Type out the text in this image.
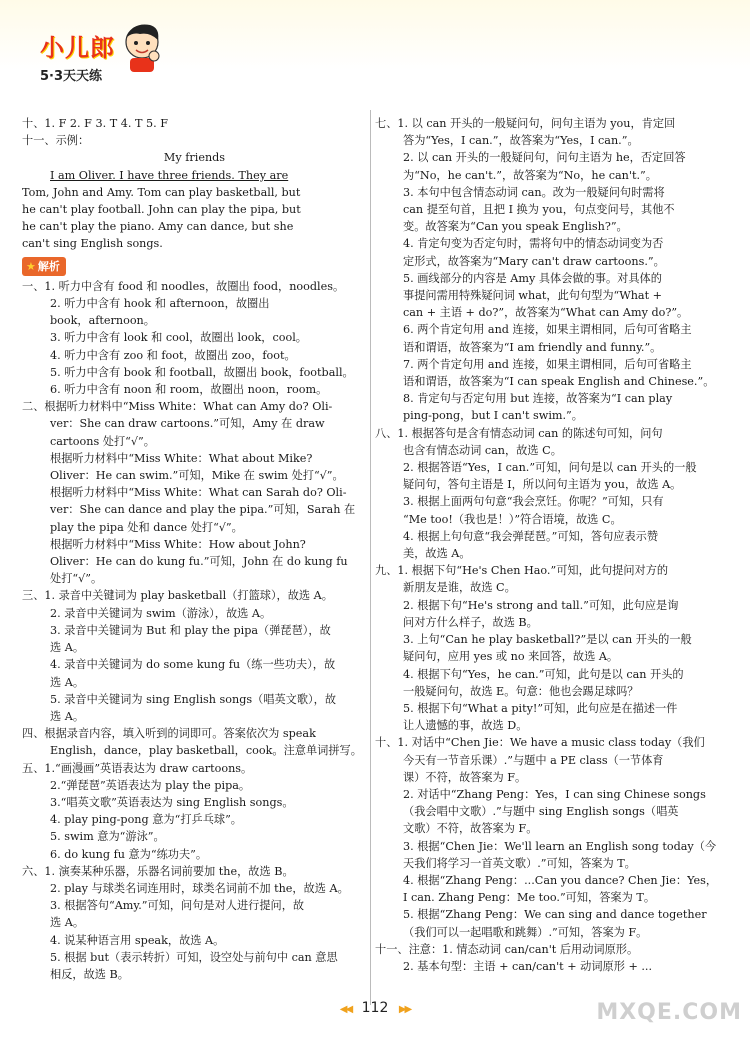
小儿郎
5·3天天练
十、1. F 2. F 3. T 4. T 5. F
十一、示例：
My friends
I am Oliver. I have three friends. They are
Tom, John and Amy. Tom can play basketball, but
he can't play football. John can play the pipa, but
he can't play the piano. Amy can dance, but she
can't sing English songs.
★ 解析
一、1. 听力中含有 food 和 noodles，故圈出 food，noodles。
2. 听力中含有 hook 和 afternoon，故圈出
book，afternoon。
3. 听力中含有 look 和 cool，故圈出 look，cool。
4. 听力中含有 zoo 和 foot，故圈出 zoo，foot。
5. 听力中含有 book 和 football，故圈出 book，football。
6. 听力中含有 noon 和 room，故圈出 noon，room。
二、根据听力材料中“Miss White：What can Amy do? Oli-
ver：She can draw cartoons.”可知，Amy 在 draw
cartoons 处打“√”。
根据听力材料中“Miss White：What about Mike?
Oliver：He can swim.”可知，Mike 在 swim 处打“√”。
根据听力材料中“Miss White：What can Sarah do? Oli-
ver：She can dance and play the pipa.”可知，Sarah 在
play the pipa 处和 dance 处打“√”。
根据听力材料中“Miss White：How about John?
Oliver：He can do kung fu.”可知，John 在 do kung fu
处打“√”。
三、1. 录音中关键词为 play basketball（打篮球），故选 A。
2. 录音中关键词为 swim（游泳），故选 A。
3. 录音中关键词为 But 和 play the pipa（弹琵琶），故
选 A。
4. 录音中关键词为 do some kung fu（练一些功夫），故
选 A。
5. 录音中关键词为 sing English songs（唱英文歌），故
选 A。
四、根据录音内容，填入听到的词即可。答案依次为 speak
English，dance，play basketball，cook。注意单词拼写。
五、1.“画漫画”英语表达为 draw cartoons。
2.“弹琵琶”英语表达为 play the pipa。
3.“唱英文歌”英语表达为 sing English songs。
4. play ping-pong 意为“打乒乓球”。
5. swim 意为“游泳”。
6. do kung fu 意为“练功夫”。
六、1. 演奏某种乐器，乐器名词前要加 the，故选 B。
2. play 与球类名词连用时，球类名词前不加 the，故选 A。
3. 根据答句“Amy.”可知，问句是对人进行提问，故
选 A。
4. 说某种语言用 speak，故选 A。
5. 根据 but（表示转折）可知，设空处与前句中 can 意思
相反，故选 B。
七、1. 以 can 开头的一般疑问句，问句主语为 you，肯定回
答为“Yes，I can.”，故答案为“Yes，I can.”。
2. 以 can 开头的一般疑问句，问句主语为 he，否定回答
为“No，he can't.”，故答案为“No，he can't.”。
3. 本句中包含情态动词 can。改为一般疑问句时需将
can 提至句首，且把 I 换为 you，句点变问号，其他不
变。故答案为“Can you speak English?”。
4. 肯定句变为否定句时，需将句中的情态动词变为否
定形式，故答案为“Mary can't draw cartoons.”。
5. 画线部分的内容是 Amy 具体会做的事。对具体的
事提问需用特殊疑问词 what，此句句型为“What +
can + 主语 + do?”，故答案为“What can Amy do?”。
6. 两个肯定句用 and 连接，如果主谓相同，后句可省略主
语和谓语，故答案为“I am friendly and funny.”。
7. 两个肯定句用 and 连接，如果主谓相同，后句可省略主
语和谓语，故答案为“I can speak English and Chinese.”。
8. 肯定句与否定句用 but 连接，故答案为“I can play
ping-pong，but I can't swim.”。
八、1. 根据答句是含有情态动词 can 的陈述句可知，问句
也含有情态动词 can，故选 C。
2. 根据答语“Yes，I can.”可知，问句是以 can 开头的一般
疑问句，答句主语是 I，所以问句主语为 you，故选 A。
3. 根据上面两句句意“我会烹饪。你呢？”可知，只有
“Me too!（我也是！）”符合语境，故选 C。
4. 根据上句句意“我会弹琵琶。”可知，答句应表示赞
美，故选 A。
九、1. 根据下句“He's Chen Hao.”可知，此句提问对方的
新朋友是谁，故选 C。
2. 根据下句“He's strong and tall.”可知，此句应是询
问对方什么样子，故选 B。
3. 上句“Can he play basketball?”是以 can 开头的一般
疑问句，应用 yes 或 no 来回答，故选 A。
4. 根据下句“Yes，he can.”可知，此句是以 can 开头的
一般疑问句，故选 E。句意：他也会踢足球吗？
5. 根据下句“What a pity!”可知，此句应是在描述一件
让人遗憾的事，故选 D。
十、1. 对话中“Chen Jie：We have a music class today（我们
今天有一节音乐课）.”与题中 a PE class（一节体育
课）不符，故答案为 F。
2. 对话中“Zhang Peng：Yes，I can sing Chinese songs
（我会唱中文歌）.”与题中 sing English songs（唱英
文歌）不符，故答案为 F。
3. 根据“Chen Jie：We'll learn an English song today（今
天我们将学习一首英文歌）.”可知，答案为 T。
4. 根据“Zhang Peng：...Can you dance? Chen Jie：Yes，
I can. Zhang Peng：Me too.”可知，答案为 T。
5. 根据“Zhang Peng：We can sing and dance together
（我们可以一起唱歌和跳舞）.”可知，答案为 F。
十一、注意：1. 情态动词 can/can't 后用动词原形。
2. 基本句型：主语 + can/can't + 动词原形 + ...
◀◀ 112 ▶▶	MXQE.COM
